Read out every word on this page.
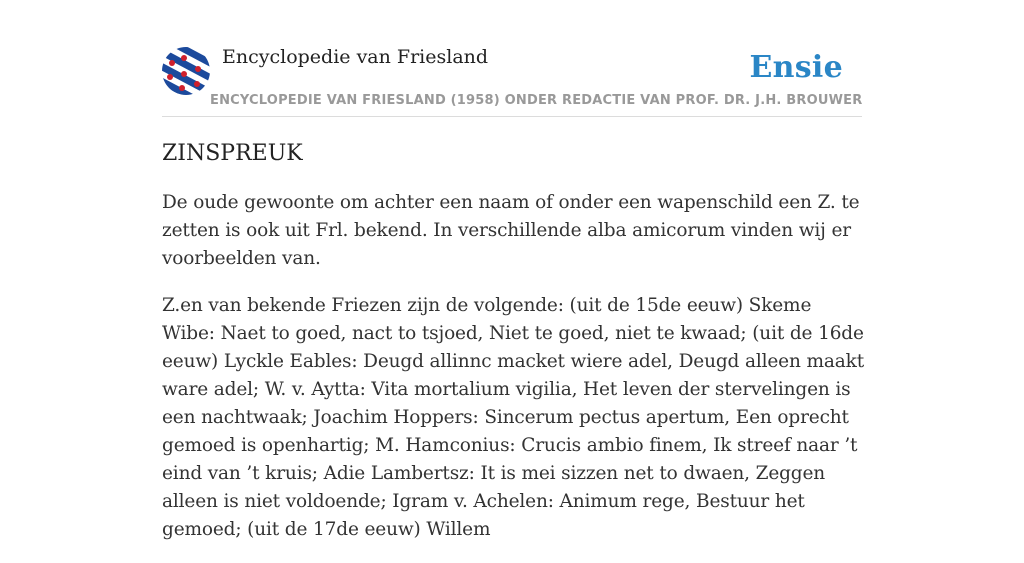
Encyclopedie van Friesland	Ensie
ENCYCLOPEDIE VAN FRIESLAND (1958) ONDER REDACTIE VAN PROF. DR. J.H. BROUWER
ZINSPREUK

De oude gewoonte om achter een naam of onder een wapenschild een Z. te zetten is ook uit Frl. bekend. In verschillende alba amicorum vinden wij er voorbeelden van.

Z.en van bekende Friezen zijn de volgende: (uit de 15de eeuw) Skeme Wibe: Naet to goed, nact to tsjoed, Niet te goed, niet te kwaad; (uit de 16de eeuw) Lyckle Eables: Deugd allinnc macket wiere adel, Deugd alleen maakt ware adel; W. v. Aytta: Vita mortalium vigilia, Het leven der stervelingen is een nachtwaak; Joachim Hoppers: Sincerum pectus apertum, Een oprecht gemoed is openhartig; M. Hamconius: Crucis ambio finem, Ik streef naar ’t eind van ’t kruis; Adie Lambertsz: It is mei sizzen net to dwaen, Zeggen alleen is niet voldoende; Igram v. Achelen: Animum rege, Bestuur het gemoed; (uit de 17de eeuw) Willem
